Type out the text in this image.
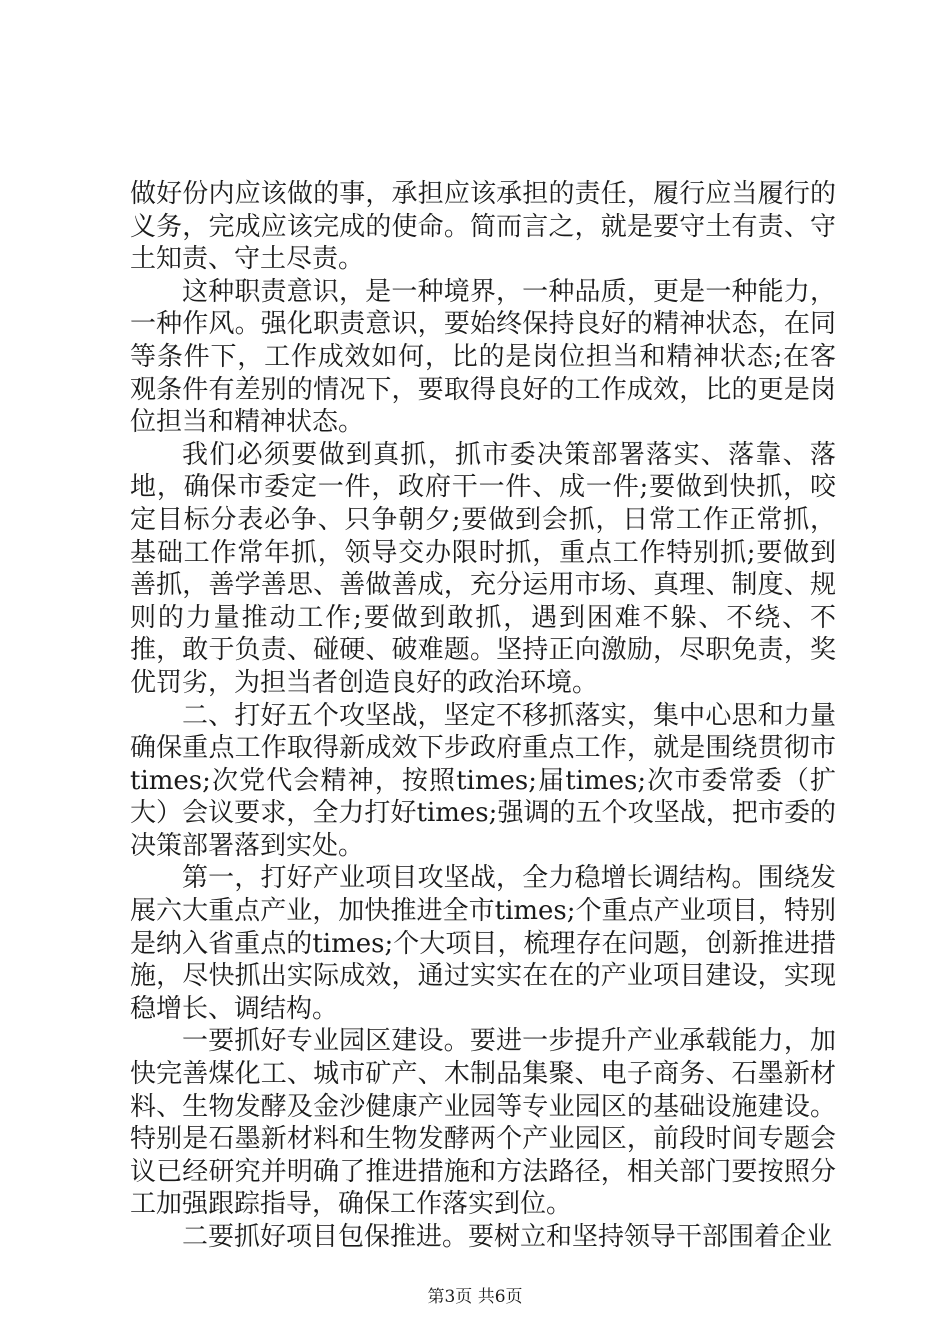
做好份内应该做的事，承担应该承担的责任，履行应当履行的义务，完成应该完成的使命。简而言之，就是要守土有责、守土知责、守土尽责。

这种职责意识，是一种境界，一种品质，更是一种能力，一种作风。强化职责意识，要始终保持良好的精神状态，在同等条件下，工作成效如何，比的是岗位担当和精神状态;在客观条件有差别的情况下，要取得良好的工作成效，比的更是岗位担当和精神状态。

我们必须要做到真抓，抓市委决策部署落实、落靠、落地，确保市委定一件，政府干一件、成一件;要做到快抓，咬定目标分表必争、只争朝夕;要做到会抓，日常工作正常抓，基础工作常年抓，领导交办限时抓，重点工作特别抓;要做到善抓，善学善思、善做善成，充分运用市场、真理、制度、规则的力量推动工作;要做到敢抓，遇到困难不躲、不绕、不推，敢于负责、碰硬、破难题。坚持正向激励，尽职免责，奖优罚劣，为担当者创造良好的政治环境。

二、打好五个攻坚战，坚定不移抓落实，集中心思和力量确保重点工作取得新成效下步政府重点工作，就是围绕贯彻市times;次党代会精神，按照times;届times;次市委常委（扩大）会议要求，全力打好times;强调的五个攻坚战，把市委的决策部署落到实处。

第一，打好产业项目攻坚战，全力稳增长调结构。围绕发展六大重点产业，加快推进全市times;个重点产业项目，特别是纳入省重点的times;个大项目，梳理存在问题，创新推进措施，尽快抓出实际成效，通过实实在在的产业项目建设，实现稳增长、调结构。

一要抓好专业园区建设。要进一步提升产业承载能力，加快完善煤化工、城市矿产、木制品集聚、电子商务、石墨新材料、生物发酵及金沙健康产业园等专业园区的基础设施建设。特别是石墨新材料和生物发酵两个产业园区，前段时间专题会议已经研究并明确了推进措施和方法路径，相关部门要按照分工加强跟踪指导，确保工作落实到位。

二要抓好项目包保推进。要树立和坚持领导干部围着企业

第3页 共6页
